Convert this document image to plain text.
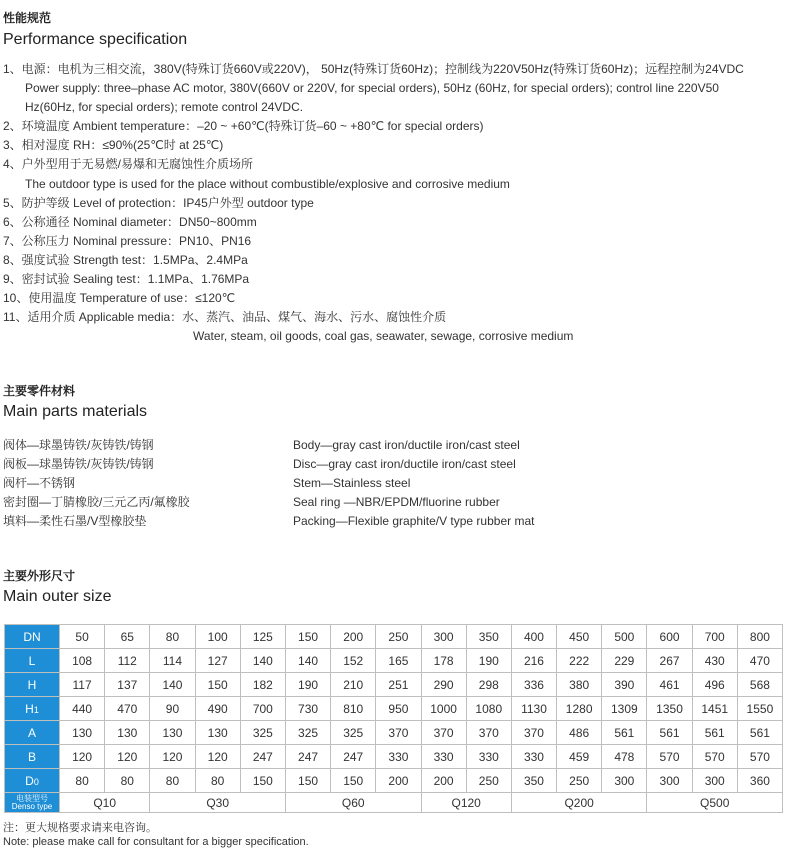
性能规范
Performance specification
1、电源：电机为三相交流，380V(特殊订货660V或220V)， 50Hz(特殊订货60Hz)；控制线为220V50Hz(特殊订货60Hz)；远程控制为24VDC
Power supply: three–phase AC motor, 380V(660V or 220V, for special orders), 50Hz (60Hz, for special orders); control line 220V50
Hz(60Hz, for special orders); remote control 24VDC.
2、环境温度 Ambient temperature：–20 ~ +60℃(特殊订货–60 ~ +80℃ for special orders)
3、相对湿度 RH：≤90%(25℃时 at 25℃)
4、户外型用于无易燃/易爆和无腐蚀性介质场所
The outdoor type is used for the place without combustible/explosive and corrosive medium
5、防护等级 Level of protection：IP45户外型 outdoor type
6、公称通径 Nominal diameter：DN50~800mm
7、公称压力 Nominal pressure：PN10、PN16
8、强度试验 Strength test：1.5MPa、2.4MPa
9、密封试验 Sealing test：1.1MPa、1.76MPa
10、使用温度 Temperature of use：≤120℃
11、适用介质 Applicable media：水、蒸汽、油品、煤气、海水、污水、腐蚀性介质
Water, steam, oil goods, coal gas, seawater, sewage, corrosive medium
主要零件材料
Main parts materials
阀体—球墨铸铁/灰铸铁/铸钢	Body—gray cast iron/ductile iron/cast steel
阀板—球墨铸铁/灰铸铁/铸钢	Disc—gray cast iron/ductile iron/cast steel
阀杆—不锈钢	Stem—Stainless steel
密封圈—丁腈橡胶/三元乙丙/氟橡胶	Seal ring —NBR/EPDM/fluorine rubber
填料—柔性石墨/V型橡胶垫	Packing—Flexible graphite/V type rubber mat
主要外形尺寸
Main outer size
DN	50	65	80	100	125	150	200	250	300	350	400	450	500	600	700	800
L	108	112	114	127	140	140	152	165	178	190	216	222	229	267	430	470
H	117	137	140	150	182	190	210	251	290	298	336	380	390	461	496	568
H1	440	470	90	490	700	730	810	950	1000	1080	1130	1280	1309	1350	1451	1550
A	130	130	130	130	325	325	325	370	370	370	370	486	561	561	561	561
B	120	120	120	120	247	247	247	330	330	330	330	459	478	570	570	570
D0	80	80	80	80	150	150	150	200	200	250	350	250	300	300	300	360

电装型号
Denso type	Q10		Q30			Q60			Q120		Q200			Q500		
注：更大规格要求请来电咨询。
Note: please make call for consultant for a bigger specification.
